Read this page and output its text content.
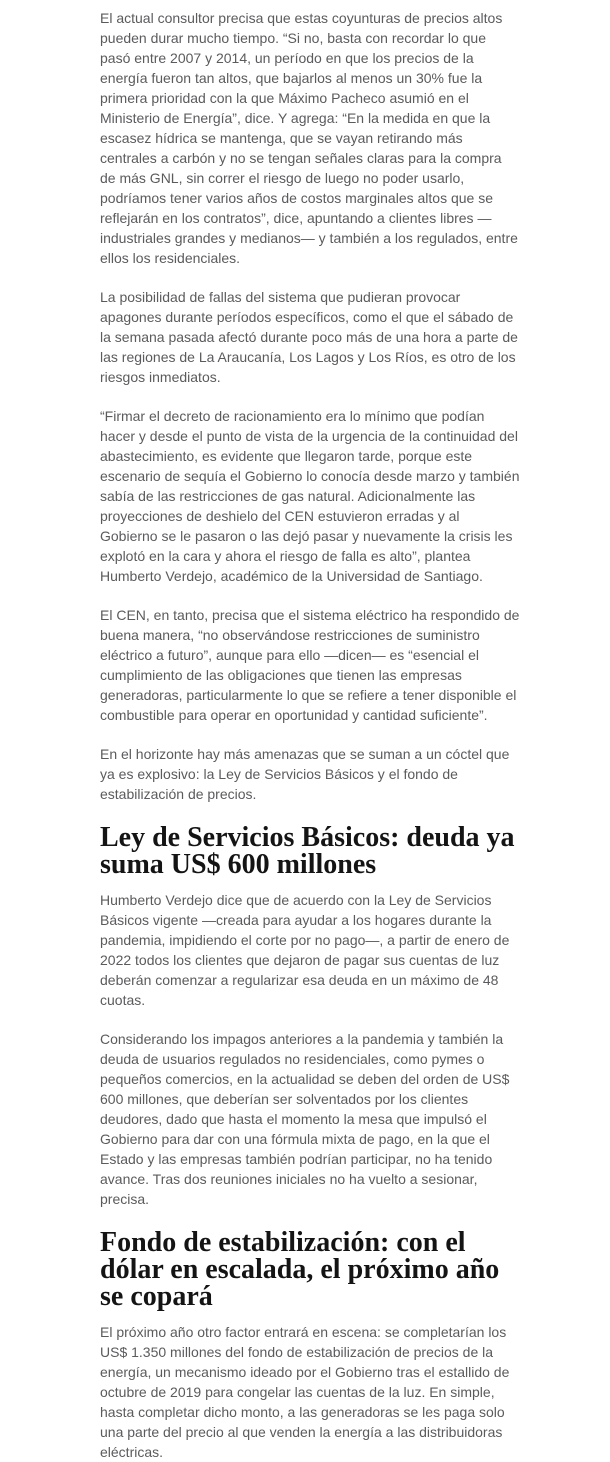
El actual consultor precisa que estas coyunturas de precios altos pueden durar mucho tiempo. “Si no, basta con recordar lo que pasó entre 2007 y 2014, un período en que los precios de la energía fueron tan altos, que bajarlos al menos un 30% fue la primera prioridad con la que Máximo Pacheco asumió en el Ministerio de Energía”, dice. Y agrega: “En la medida en que la escasez hídrica se mantenga, que se vayan retirando más centrales a carbón y no se tengan señales claras para la compra de más GNL, sin correr el riesgo de luego no poder usarlo, podríamos tener varios años de costos marginales altos que se reflejarán en los contratos”, dice, apuntando a clientes libres —industriales grandes y medianos— y también a los regulados, entre ellos los residenciales.

La posibilidad de fallas del sistema que pudieran provocar apagones durante períodos específicos, como el que el sábado de la semana pasada afectó durante poco más de una hora a parte de las regiones de La Araucanía, Los Lagos y Los Ríos, es otro de los riesgos inmediatos.

“Firmar el decreto de racionamiento era lo mínimo que podían hacer y desde el punto de vista de la urgencia de la continuidad del abastecimiento, es evidente que llegaron tarde, porque este escenario de sequía el Gobierno lo conocía desde marzo y también sabía de las restricciones de gas natural. Adicionalmente las proyecciones de deshielo del CEN estuvieron erradas y al Gobierno se le pasaron o las dejó pasar y nuevamente la crisis les explotó en la cara y ahora el riesgo de falla es alto”, plantea Humberto Verdejo, académico de la Universidad de Santiago.

El CEN, en tanto, precisa que el sistema eléctrico ha respondido de buena manera, “no observándose restricciones de suministro eléctrico a futuro”, aunque para ello —dicen— es “esencial el cumplimiento de las obligaciones que tienen las empresas generadoras, particularmente lo que se refiere a tener disponible el combustible para operar en oportunidad y cantidad suficiente”.

En el horizonte hay más amenazas que se suman a un cóctel que ya es explosivo: la Ley de Servicios Básicos y el fondo de estabilización de precios.

Ley de Servicios Básicos: deuda ya suma US$ 600 millones

Humberto Verdejo dice que de acuerdo con la Ley de Servicios Básicos vigente —creada para ayudar a los hogares durante la pandemia, impidiendo el corte por no pago—, a partir de enero de 2022 todos los clientes que dejaron de pagar sus cuentas de luz deberán comenzar a regularizar esa deuda en un máximo de 48 cuotas.

Considerando los impagos anteriores a la pandemia y también la deuda de usuarios regulados no residenciales, como pymes o pequeños comercios, en la actualidad se deben del orden de US$ 600 millones, que deberían ser solventados por los clientes deudores, dado que hasta el momento la mesa que impulsó el Gobierno para dar con una fórmula mixta de pago, en la que el Estado y las empresas también podrían participar, no ha tenido avance. Tras dos reuniones iniciales no ha vuelto a sesionar, precisa.

Fondo de estabilización: con el dólar en escalada, el próximo año se copará

El próximo año otro factor entrará en escena: se completarían los US$ 1.350 millones del fondo de estabilización de precios de la energía, un mecanismo ideado por el Gobierno tras el estallido de octubre de 2019 para congelar las cuentas de la luz. En simple, hasta completar dicho monto, a las generadoras se les paga solo una parte del precio al que venden la energía a las distribuidoras eléctricas.
